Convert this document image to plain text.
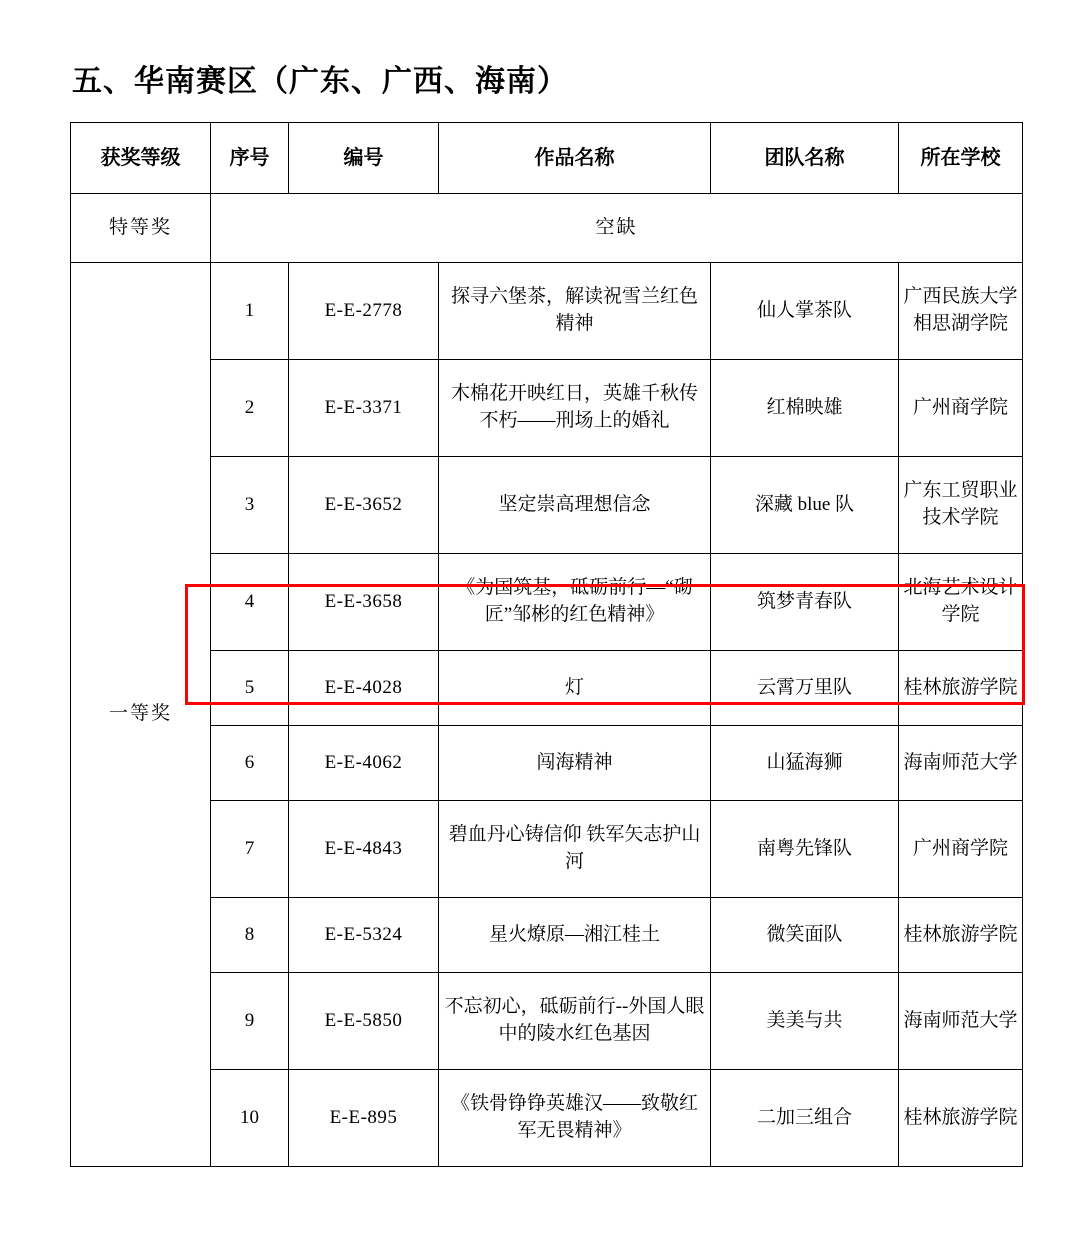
五、华南赛区（广东、广西、海南）
获奖等级	序号	编号	作品名称	团队名称	所在学校
特等奖	空缺				
一等奖	1	E-E-2778	探寻六堡茶，解读祝雪兰红色精神	仙人掌茶队	广西民族大学相思湖学院
	2	E-E-3371	木棉花开映红日，英雄千秋传不朽——刑场上的婚礼	红棉映雄	广州商学院
	3	E-E-3652	坚定崇高理想信念	深藏 blue 队	广东工贸职业技术学院
	4	E-E-3658	《为国筑基，砥砺前行—“砌匠”邹彬的红色精神》	筑梦青春队	北海艺术设计学院
	5	E-E-4028	灯	云霄万里队	桂林旅游学院
	6	E-E-4062	闯海精神	山猛海狮	海南师范大学
	7	E-E-4843	碧血丹心铸信仰 铁军矢志护山河	南粤先锋队	广州商学院
	8	E-E-5324	星火燎原—湘江桂土	微笑面队	桂林旅游学院
	9	E-E-5850	不忘初心，砥砺前行--外国人眼中的陵水红色基因	美美与共	海南师范大学
	10	E-E-895	《铁骨铮铮英雄汉——致敬红军无畏精神》	二加三组合	桂林旅游学院
